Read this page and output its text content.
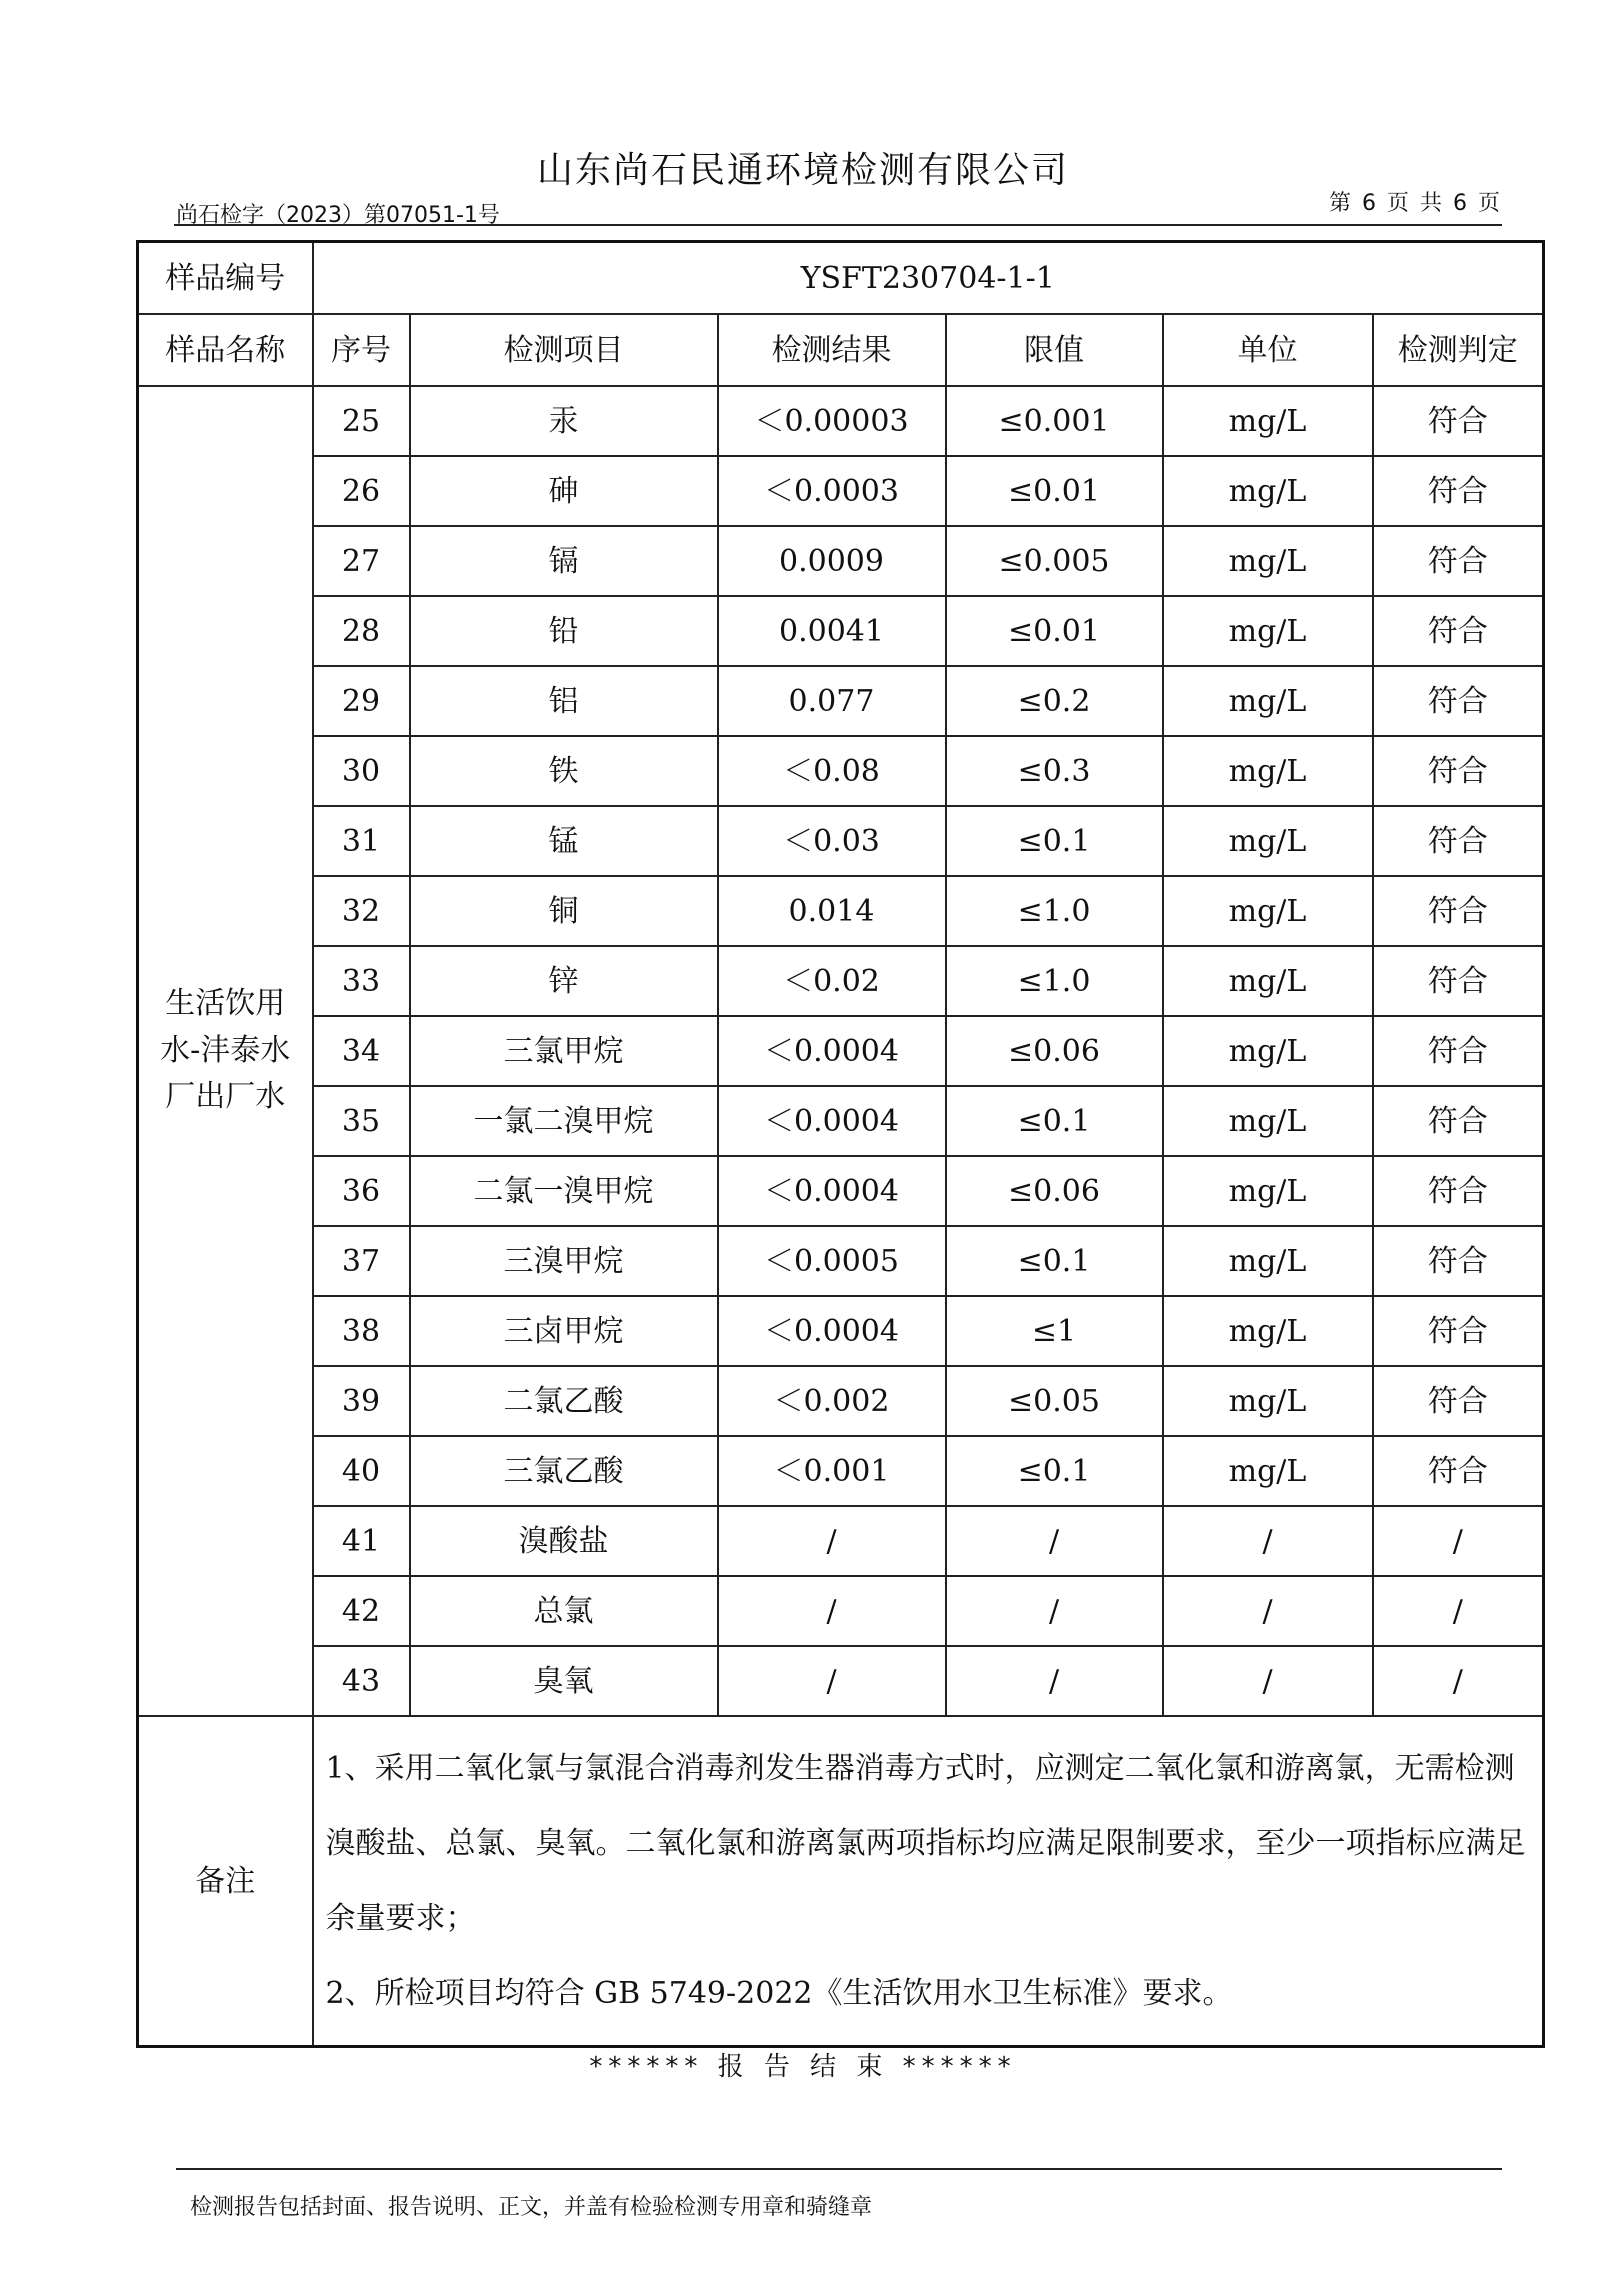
山东尚石民通环境检测有限公司
尚石检字（2023）第07051-1号	第 6 页 共 6 页
样品编号	YSFT230704-1-1					
样品名称	序号	检测项目	检测结果	限值	单位	检测判定
生活饮用水-沣泰水厂出厂水	25	汞	＜0.00003	≤0.001	mg/L	符合
	26	砷	＜0.0003	≤0.01	mg/L	符合
	27	镉	0.0009	≤0.005	mg/L	符合
	28	铅	0.0041	≤0.01	mg/L	符合
	29	铝	0.077	≤0.2	mg/L	符合
	30	铁	＜0.08	≤0.3	mg/L	符合
	31	锰	＜0.03	≤0.1	mg/L	符合
	32	铜	0.014	≤1.0	mg/L	符合
	33	锌	＜0.02	≤1.0	mg/L	符合
	34	三氯甲烷	＜0.0004	≤0.06	mg/L	符合
	35	一氯二溴甲烷	＜0.0004	≤0.1	mg/L	符合
	36	二氯一溴甲烷	＜0.0004	≤0.06	mg/L	符合
	37	三溴甲烷	＜0.0005	≤0.1	mg/L	符合
	38	三卤甲烷	＜0.0004	≤1	mg/L	符合
	39	二氯乙酸	＜0.002	≤0.05	mg/L	符合
	40	三氯乙酸	＜0.001	≤0.1	mg/L	符合
	41	溴酸盐	/	/	/	/
	42	总氯	/	/	/	/
	43	臭氧	/	/	/	/
备注	1、采用二氧化氯与氯混合消毒剂发生器消毒方式时，应测定二氧化氯和游离氯，无需检测溴酸盐、总氯、臭氧。二氧化氯和游离氯两项指标均应满足限制要求，至少一项指标应满足余量要求；
2、所检项目均符合 GB 5749-2022《生活饮用水卫生标准》要求。					
****** 报 告 结 束 ******
检测报告包括封面、报告说明、正文，并盖有检验检测专用章和骑缝章
